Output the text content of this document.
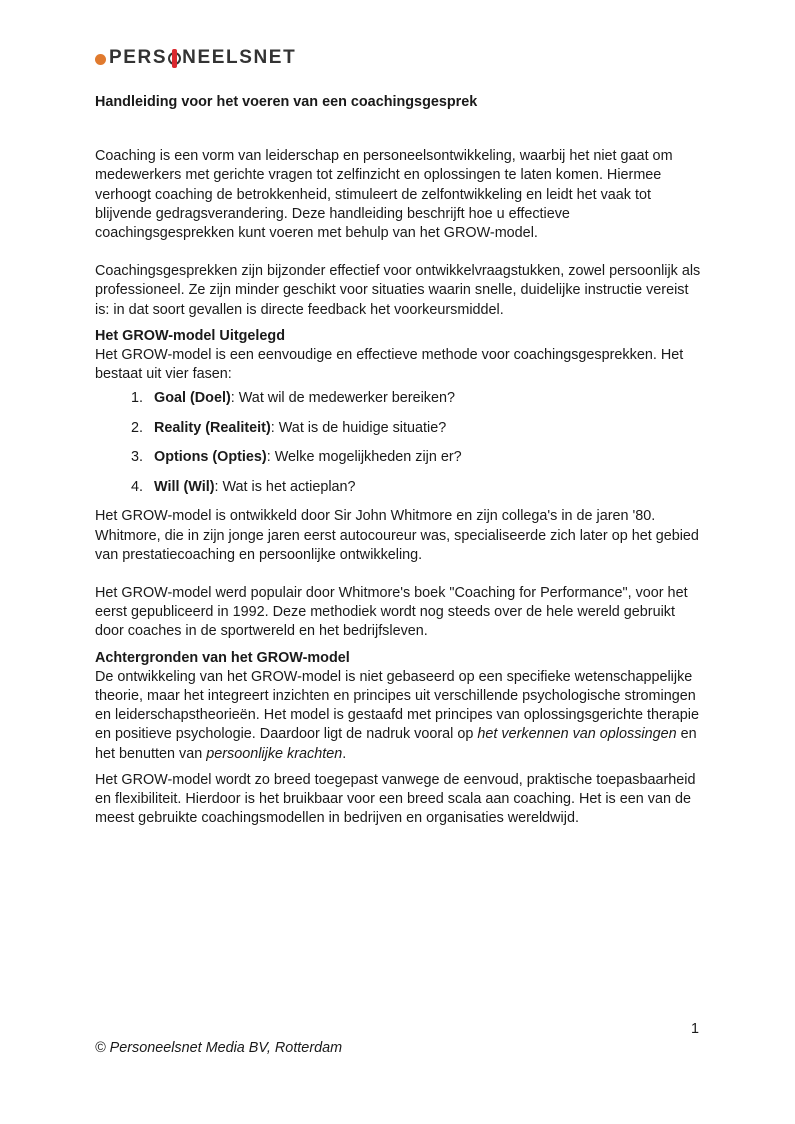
PERS NEELSNET

Handleiding voor het voeren van een coachingsgesprek

Coaching is een vorm van leiderschap en personeelsontwikkeling, waarbij het niet gaat om medewerkers met gerichte vragen tot zelfinzicht en oplossingen te laten komen. Hiermee verhoogt coaching de betrokkenheid, stimuleert de zelfontwikkeling en leidt het vaak tot blijvende gedragsverandering. Deze handleiding beschrijft hoe u effectieve coachingsgesprekken kunt voeren met behulp van het GROW-model.

Coachingsgesprekken zijn bijzonder effectief voor ontwikkelvraagstukken, zowel persoonlijk als professioneel. Ze zijn minder geschikt voor situaties waarin snelle, duidelijke instructie vereist is: in dat soort gevallen is directe feedback het voorkeursmiddel.

Het GROW-model Uitgelegd

Het GROW-model is een eenvoudige en effectieve methode voor coachingsgesprekken. Het bestaat uit vier fasen:

1. Goal (Doel): Wat wil de medewerker bereiken?
2. Reality (Realiteit): Wat is de huidige situatie?
3. Options (Opties): Welke mogelijkheden zijn er?
4. Will (Wil): Wat is het actieplan?

Het GROW-model is ontwikkeld door Sir John Whitmore en zijn collega's in de jaren '80. Whitmore, die in zijn jonge jaren eerst autocoureur was, specialiseerde zich later op het gebied van prestatiecoaching en persoonlijke ontwikkeling.

Het GROW-model werd populair door Whitmore's boek "Coaching for Performance", voor het eerst gepubliceerd in 1992. Deze methodiek wordt nog steeds over de hele wereld gebruikt door coaches in de sportwereld en het bedrijfsleven.

Achtergronden van het GROW-model

De ontwikkeling van het GROW-model is niet gebaseerd op een specifieke wetenschappelijke theorie, maar het integreert inzichten en principes uit verschillende psychologische stromingen en leiderschapstheorieën. Het model is gestaafd met principes van oplossingsgerichte therapie en positieve psychologie. Daardoor ligt de nadruk vooral op het verkennen van oplossingen en het benutten van persoonlijke krachten.

Het GROW-model wordt zo breed toegepast vanwege de eenvoud, praktische toepasbaarheid en flexibiliteit. Hierdoor is het bruikbaar voor een breed scala aan coaching. Het is een van de meest gebruikte coachingsmodellen in bedrijven en organisaties wereldwijd.

1
© Personeelsnet Media BV, Rotterdam
